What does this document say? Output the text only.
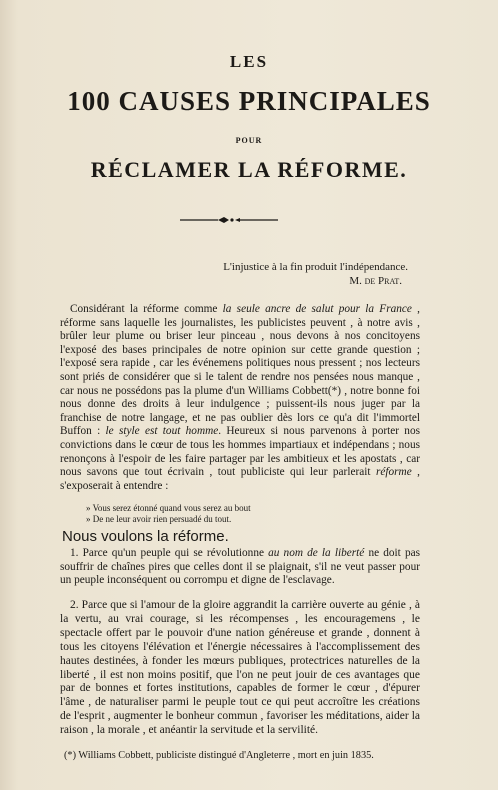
LES
100 CAUSES PRINCIPALES
POUR
RÉCLAMER LA RÉFORME.
L'injustice à la fin produit l'indépendance.
M. de Prat.
Considérant la réforme comme la seule ancre de salut pour la France , réforme sans laquelle les journalistes, les publicistes peuvent , à notre avis , brûler leur plume ou briser leur pinceau , nous devons à nos concitoyens l'exposé des bases principales de notre opinion sur cette grande question ; l'exposé sera rapide , car les événemens politiques nous pressent ; nos lecteurs sont priés de considérer que si le talent de rendre nos pensées nous manque , car nous ne possédons pas la plume d'un Williams Cobbett(*) , notre bonne foi nous donne des droits à leur indulgence ; puissent-ils nous juger par la franchise de notre langage, et ne pas oublier dès lors ce qu'a dit l'immortel Buffon : le style est tout homme. Heureux si nous parvenons à porter nos convictions dans le cœur de tous les hommes impartiaux et indépendans ; nous renonçons à l'espoir de les faire partager par les ambitieux et les apostats , car nous savons que tout écrivain , tout publiciste qui leur parlerait réforme , s'exposerait à entendre :
» Vous serez étonné quand vous serez au bout
» De ne leur avoir rien persuadé du tout.
Nous voulons la réforme.
1. Parce qu'un peuple qui se révolutionne au nom de la liberté ne doit pas souffrir de chaînes pires que celles dont il se plaignait, s'il ne veut passer pour un peuple inconséquent ou corrompu et digne de l'esclavage.
2. Parce que si l'amour de la gloire aggrandit la carrière ouverte au génie , à la vertu, au vrai courage, si les récompenses , les encouragemens , le spectacle offert par le pouvoir d'une nation généreuse et grande , donnent à tous les citoyens l'élévation et l'énergie nécessaires à l'accomplissement des hautes destinées, à fonder les mœurs publiques, protectrices naturelles de la liberté , il est non moins positif, que l'on ne peut jouir de ces avantages que par de bonnes et fortes institutions, capables de former le cœur , d'épurer l'âme , de naturaliser parmi le peuple tout ce qui peut accroître les créations de l'esprit , augmenter le bonheur commun , favoriser les méditations, aider la raison , la morale , et anéantir la servitude et la servilité.
(*) Williams Cobbett, publiciste distingué d'Angleterre , mort en juin 1835.
